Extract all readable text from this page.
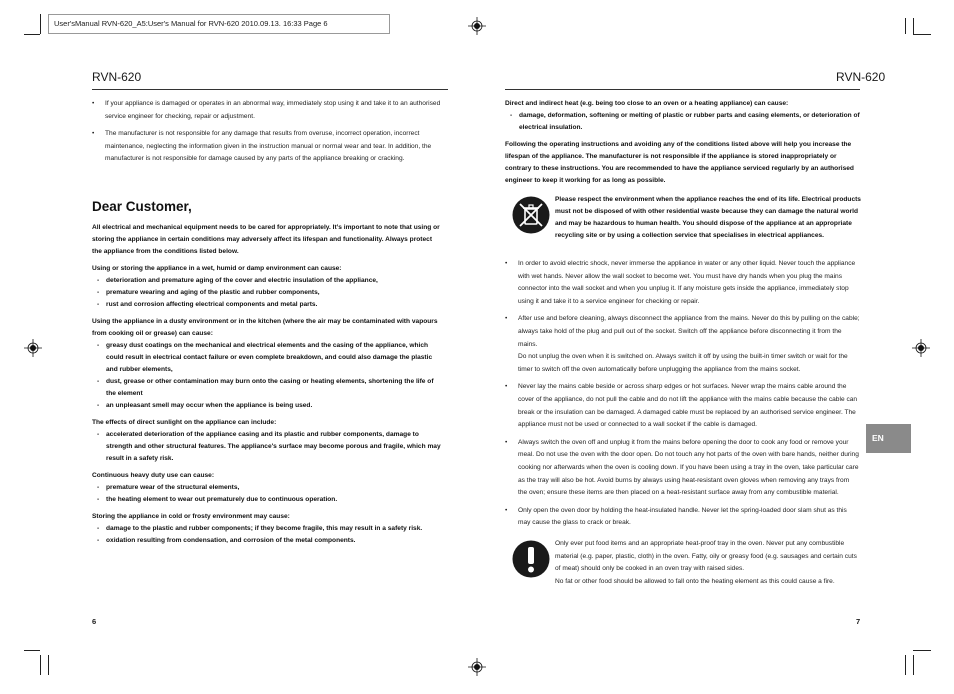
User'sManual RVN-620_A5:User's Manual for RVN-620 2010.09.13. 16:33 Page 6
RVN-620	RVN-620
• If your appliance is damaged or operates in an abnormal way, immediately stop using it and take it to an authorised service engineer for checking, repair or adjustment.
• The manufacturer is not responsible for any damage that results from overuse, incorrect operation, incorrect maintenance, neglecting the information given in the instruction manual or normal wear and tear. In addition, the manufacturer is not responsible for damage caused by any parts of the appliance breaking or cracking.
Dear Customer,

All electrical and mechanical equipment needs to be cared for appropriately. It’s important to note that using or storing the appliance in certain conditions may adversely affect its lifespan and functionality. Always protect the appliance from the conditions listed below.

Using or storing the appliance in a wet, humid or damp environment can cause:

- deterioration and premature aging of the cover and electric insulation of the appliance,
- premature wearing and aging of the plastic and rubber components,
- rust and corrosion affecting electrical components and metal parts.

Using the appliance in a dusty environment or in the kitchen (where the air may be contaminated with vapours from cooking oil or grease) can cause:

- greasy dust coatings on the mechanical and electrical elements and the casing of the appliance, which could result in electrical contact failure or even complete breakdown, and could also damage the plastic and rubber elements,
- dust, grease or other contamination may burn onto the casing or heating elements, shortening the life of the element
- an unpleasant smell may occur when the appliance is being used.

The effects of direct sunlight on the appliance can include:

- accelerated deterioration of the appliance casing and its plastic and rubber components, damage to strength and other structural features. The appliance's surface may become porous and fragile, which may result in a safety risk.

Continuous heavy duty use can cause:

- premature wear of the structural elements,
- the heating element to wear out prematurely due to continuous operation.

Storing the appliance in cold or frosty environment may cause:

- damage to the plastic and rubber components; if they become fragile, this may result in a safety risk.
- oxidation resulting from condensation, and corrosion of the metal components.
6

Direct and indirect heat (e.g. being too close to an oven or a heating appliance) can cause:

- damage, deformation, softening or melting of plastic or rubber parts and casing elements, or deterioration of electrical insulation.

Following the operating instructions and avoiding any of the conditions listed above will help you increase the lifespan of the appliance. The manufacturer is not responsible if the appliance is stored inappropriately or contrary to these instructions. You are recommended to have the appliance serviced regularly by an authorised engineer to keep it working for as long as possible.

Please respect the environment when the appliance reaches the end of its life. Electrical products must not be disposed of with other residential waste because they can damage the natural world and may be hazardous to human health. You should dispose of the appliance at an appropriate recycling site or by using a collection service that specialises in electrical appliances.
• In order to avoid electric shock, never immerse the appliance in water or any other liquid. Never touch the appliance with wet hands. Never allow the wall socket to become wet. You must have dry hands when you plug the mains connector into the wall socket and when you unplug it. If any moisture gets inside the appliance, immediately stop using it and take it to a service engineer for checking or repair.
• After use and before cleaning, always disconnect the appliance from the mains. Never do this by pulling on the cable; always take hold of the plug and pull out of the socket. Switch off the appliance before disconnecting it from the mains.
Do not unplug the oven when it is switched on. Always switch it off by using the built-in timer switch or wait for the timer to switch off the oven automatically before unplugging the appliance from the mains socket.
• Never lay the mains cable beside or across sharp edges or hot surfaces. Never wrap the mains cable around the cover of the appliance, do not pull the cable and do not lift the appliance with the mains cable because the cable can break or the insulation can be damaged. A damaged cable must be replaced by an authorised service engineer. The appliance must not be used or connected to a wall socket if the cable is damaged.
• Always switch the oven off and unplug it from the mains before opening the door to cook any food or remove your meal. Do not use the oven with the door open. Do not touch any hot parts of the oven with bare hands, neither during cooking nor afterwards when the oven is cooling down. If you have been using a tray in the oven, take particular care as the tray will also be hot. Avoid burns by always using heat-resistant oven gloves when removing any trays from the oven; ensure these items are then placed on a heat-resistant surface away from any combustible material.
• Only open the oven door by holding the heat-insulated handle. Never let the spring-loaded door slam shut as this may cause the glass to crack or break.
Only ever put food items and an appropriate heat-proof tray in the oven. Never put any combustible material (e.g. paper, plastic, cloth) in the oven. Fatty, oily or greasy food (e.g. sausages and certain cuts of meat) should only be cooked in an oven tray with raised sides.
No fat or other food should be allowed to fall onto the heating element as this could cause a fire.
EN
7
